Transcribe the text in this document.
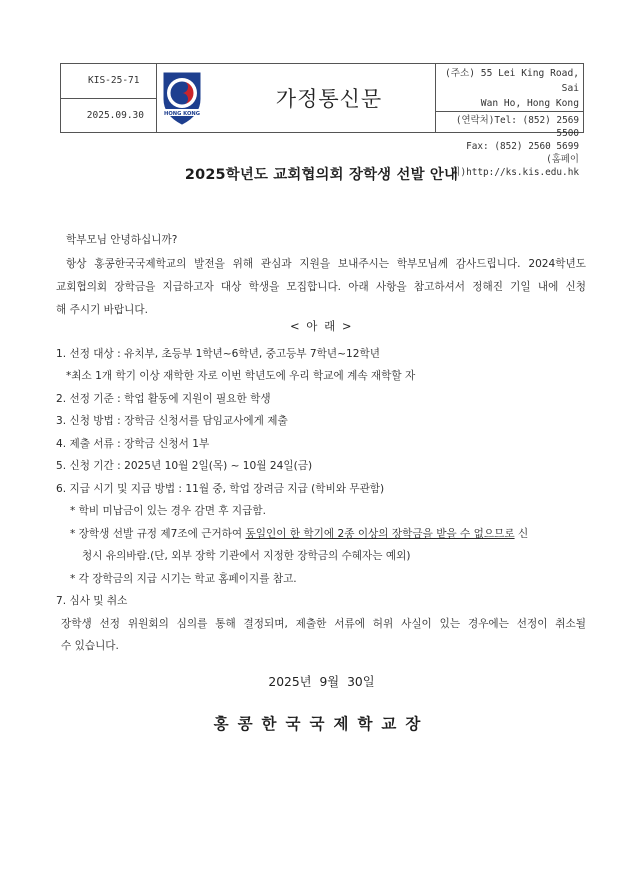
KIS-25-71
2025.09.30	HONG KONG
가정통신문
(주소) 55 Lei King Road, Sai
Wan Ho, Hong Kong
(연락처)Tel: (852) 2569 5500
Fax: (852) 2560 5699
(홈페이지)http://ks.kis.edu.hk
2025학년도 교회협의회 장학생 선발 안내
학부모님 안녕하십니까?
항상 홍콩한국국제학교의 발전을 위해 관심과 지원을 보내주시는 학부모님께 감사드립니다. 2024학년도
교회협의회 장학금을 지급하고자 대상 학생을 모집합니다. 아래 사항을 참고하셔서 정해진 기일 내에 신청
해 주시기 바랍니다.
< 아 래 >
1. 선정 대상 : 유치부, 초등부 1학년~6학년, 중고등부 7학년~12학년
*최소 1개 학기 이상 재학한 자로 이번 학년도에 우리 학교에 계속 재학할 자
2. 선정 기준 : 학업 활동에 지원이 필요한 학생
3. 신청 방법 : 장학금 신청서를 담임교사에게 제출
4. 제출 서류 : 장학금 신청서 1부
5. 신청 기간 : 2025년 10월 2일(목) ~ 10월 24일(금)
6. 지급 시기 및 지급 방법 : 11월 중, 학업 장려금 지급 (학비와 무관함)
* 학비 미납금이 있는 경우 감면 후 지급함.
* 장학생 선발 규정 제7조에 근거하여 동일인이 한 학기에 2종 이상의 장학금을 받을 수 없으므로 신
청시 유의바람.(단, 외부 장학 기관에서 지정한 장학금의 수혜자는 예외)
* 각 장학금의 지급 시기는 학교 홈페이지를 참고.
7. 심사 및 취소
장학생 선정 위원회의 심의를 통해 결정되며, 제출한 서류에 허위 사실이 있는 경우에는 선정이 취소될
수 있습니다.
2025년 9월 30일
홍콩한국국제학교장
